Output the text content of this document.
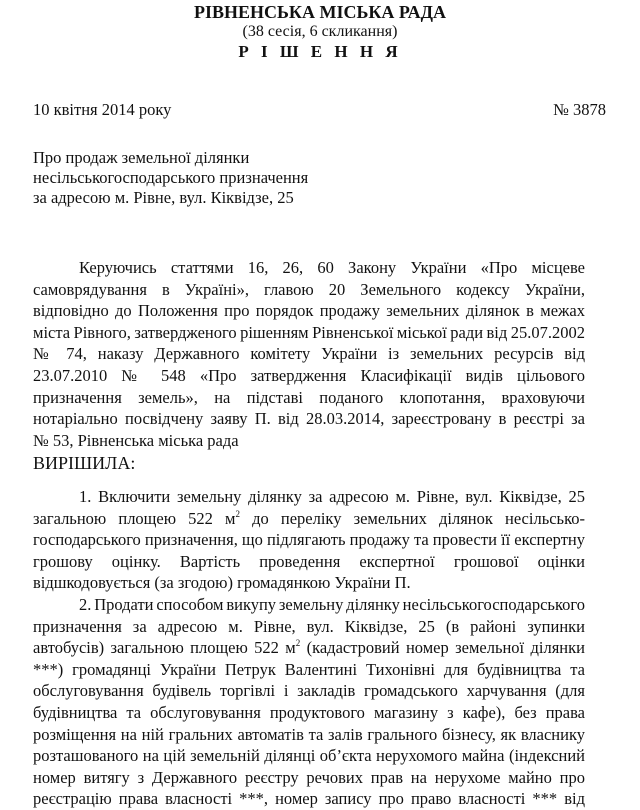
РІВНЕНСЬКА МІСЬКА РАДА
(38 сесія, 6 скликання)
Р І Ш Е Н Н Я
10 квітня 2014 року	№ 3878
Про продаж земельної ділянки
несільськогосподарського призначення
за адресою м. Рівне, вул. Кіквідзе, 25
Керуючись статтями 16, 26, 60 Закону України «Про місцеве
самоврядування в Україні», главою 20 Земельного кодексу України,
відповідно до Положення про порядок продажу земельних ділянок в межах
міста Рівного, затвердженого рішенням Рівненської міської ради від 25.07.2002
№ 74, наказу Державного комітету України із земельних ресурсів від
23.07.2010 № 548 «Про затвердження Класифікації видів цільового
призначення земель», на підставі поданого клопотання, враховуючи
нотаріально посвідчену заяву П. від 28.03.2014, зареєстровану в реєстрі за
№ 53, Рівненська міська рада
ВИРІШИЛА:
1. Включити земельну ділянку за адресою м. Рівне, вул. Кіквідзе, 25
загальною площею 522 $м^2$ до переліку земельних ділянок несільсько-
господарського призначення, що підлягають продажу та провести її експертну
грошову оцінку. Вартість проведення експертної грошової оцінки
відшкодовується (за згодою) громадянкою України П.
2. Продати способом викупу земельну ділянку несільськогосподарського
призначення за адресою м. Рівне, вул. Кіквідзе, 25 (в районі зупинки
автобусів) загальною площею 522 $м^2$ (кадастровий номер земельної ділянки
***) громадянці України Петрук Валентині Тихонівні для будівництва та
обслуговування будівель торгівлі і закладів громадського харчування (для
будівництва та обслуговування продуктового магазину з кафе), без права
розміщення на ній гральних автоматів та залів грального бізнесу, як власнику
розташованого на цій земельній ділянці об’єкта нерухомого майна (індексний
номер витягу з Державного реєстру речових прав на нерухоме майно про
реєстрацію права власності ***, номер запису про право власності *** від
